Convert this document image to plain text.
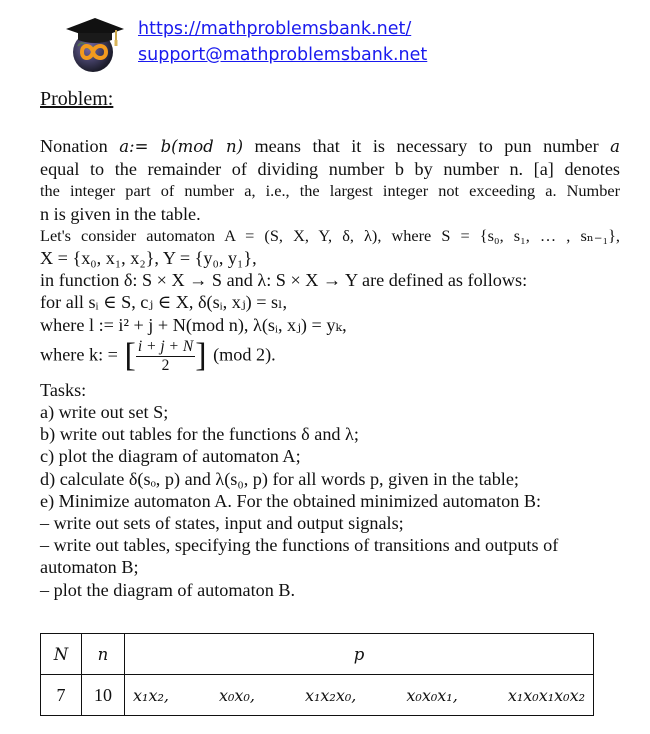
https://mathproblemsbank.net/
support@mathproblemsbank.net
Problem:

Nonation a:= b(mod n) means that it is necessary to pun number a

equal to the remainder of dividing number b by number n. [a] denotes

the integer part of number a, i.e., the largest integer not exceeding a. Number

n is given in the table.

Let's consider automaton A = (S, X, Y, δ, λ), where S = {s₀, s₁, … , sₙ₋₁},

X = {x₀, x₁, x₂}, Y = {y₀, y₁},

in function δ: S × X → S and λ: S × X → Y are defined as follows:

for all sᵢ ∈ S, cⱼ ∈ X, δ(sᵢ, xⱼ) = sₗ,

where l := i² + j + N(mod n), λ(sᵢ, xⱼ) = yₖ,

where k: = [ $\frac{i + j + N}{2}$ ] (mod 2).

Tasks:

a) write out set S;

b) write out tables for the functions δ and λ;

c) plot the diagram of automaton A;

d) calculate δ(sₒ, p) and λ(s₀, p) for all words p, given in the table;

e) Minimize automaton A. For the obtained minimized automaton B:

– write out sets of states, input and output signals;

– write out tables, specifying the functions of transitions and outputs of

automaton B;

– plot the diagram of automaton B.

N	n	p
7	10	x₁x₂, x₀x₀, x₁x₂x₀, x₀x₀x₁, x₁x₀x₁x₀x₂
